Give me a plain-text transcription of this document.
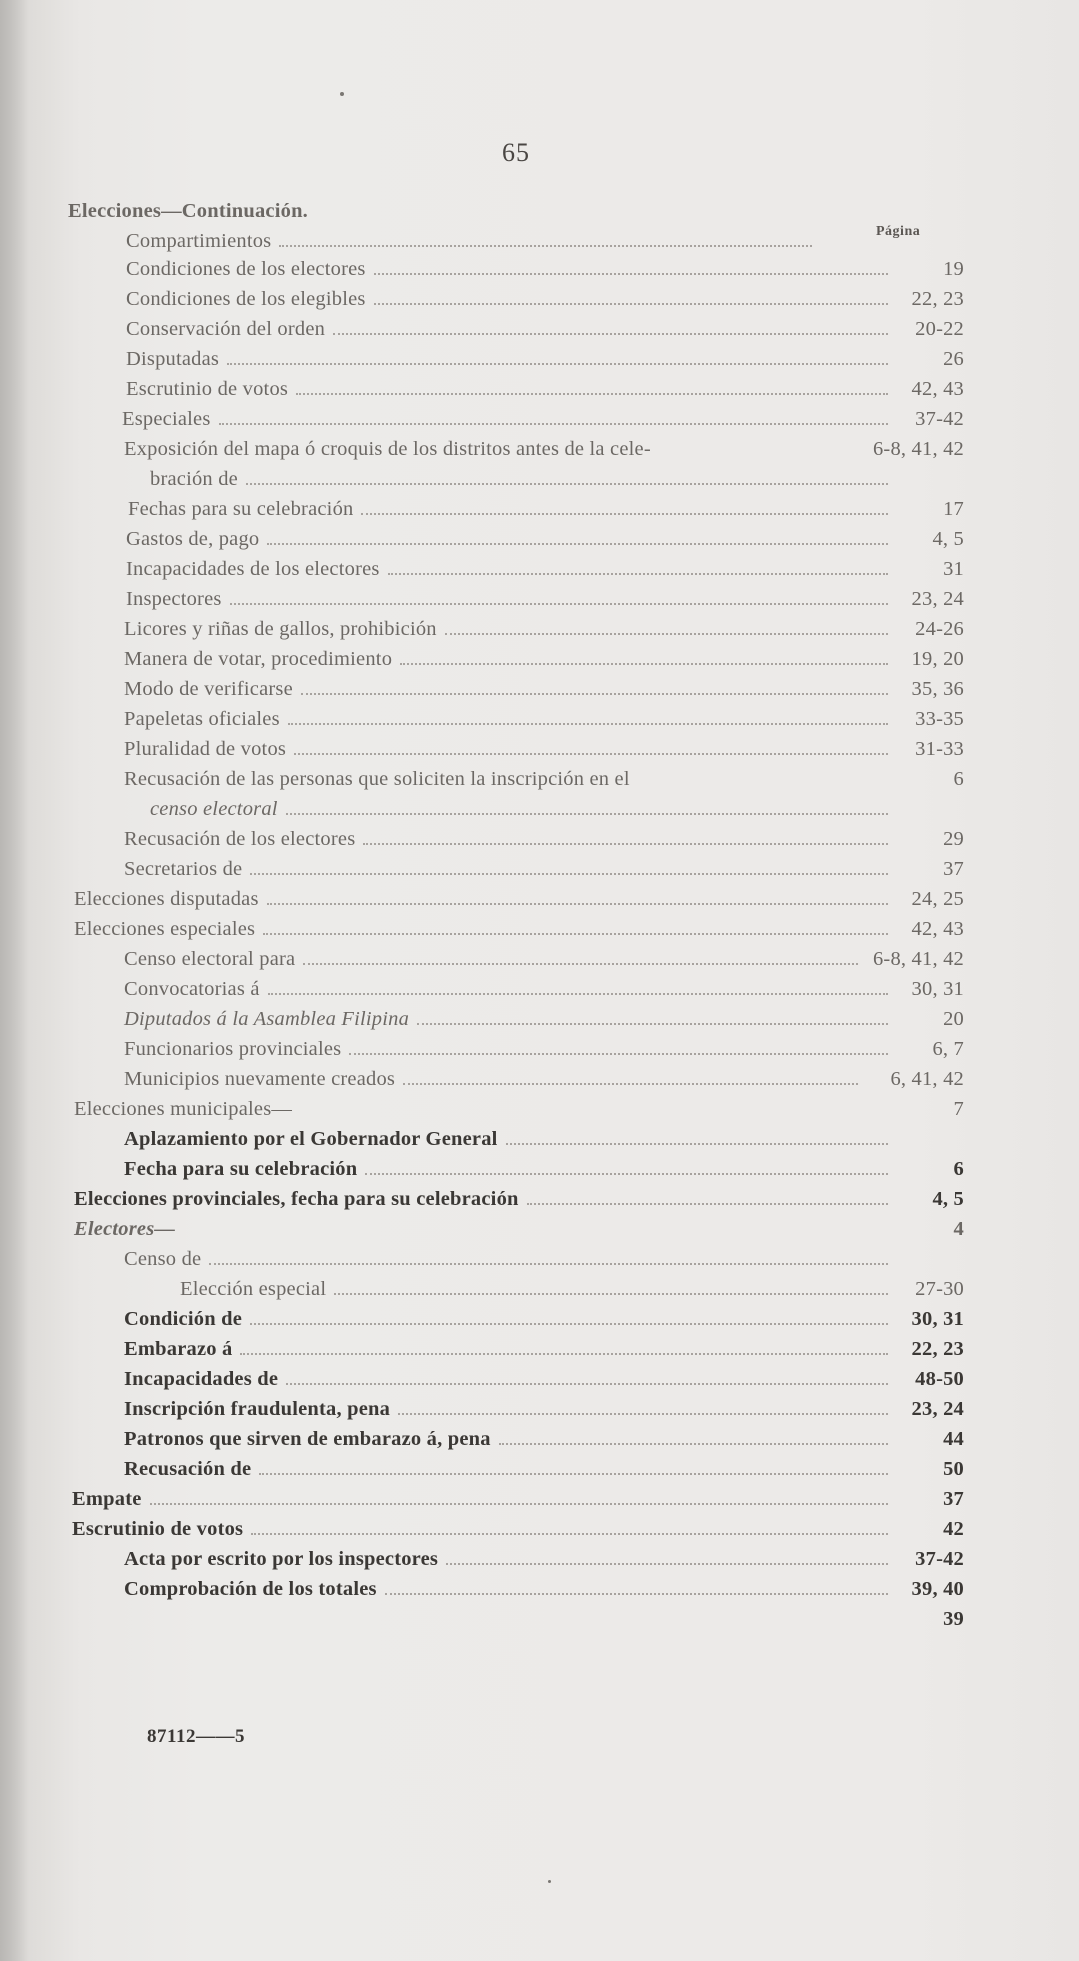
65
Página
Elecciones—Continuación.
Compartimientos
Condiciones de los electores	19
Condiciones de los elegibles	22, 23
Conservación del orden	20-22
Disputadas	26
Escrutinio de votos	42, 43
Especiales	37-42
Exposición del mapa ó croquis de los distritos antes de la cele-	6-8, 41, 42
bración de
Fechas para su celebración	17
Gastos de, pago	4, 5
Incapacidades de los electores	31
Inspectores	23, 24
Licores y riñas de gallos, prohibición	24-26
Manera de votar, procedimiento	19, 20
Modo de verificarse	35, 36
Papeletas oficiales	33-35
Pluralidad de votos	31-33
Recusación de las personas que soliciten la inscripción en el	6
censo electoral
Recusación de los electores	29
Secretarios de	37
Elecciones disputadas	24, 25
Elecciones especiales	42, 43
Censo electoral para	6-8, 41, 42
Convocatorias á	30, 31
Diputados á la Asamblea Filipina	20
Funcionarios provinciales	6, 7
Municipios nuevamente creados	6, 41, 42
Elecciones municipales—	7
Aplazamiento por el Gobernador General
Fecha para su celebración	6
Elecciones provinciales, fecha para su celebración	4, 5
Electores—	4
Censo de
Elección especial	27-30
Condición de	30, 31
Embarazo á	22, 23
Incapacidades de	48-50
Inscripción fraudulenta, pena	23, 24
Patronos que sirven de embarazo á, pena	44
Recusación de	50
Empate	37
Escrutinio de votos	42
Acta por escrito por los inspectores	37-42
Comprobación de los totales	39, 40
39
87112——5
